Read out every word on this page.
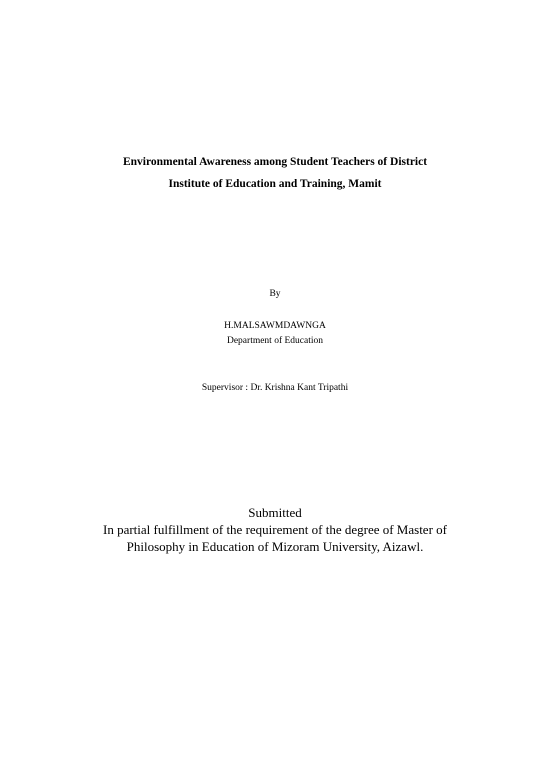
Environmental Awareness among Student Teachers of District
Institute of Education and Training, Mamit
By
H.MALSAWMDAWNGA
Department of Education
Supervisor : Dr. Krishna Kant Tripathi
Submitted
In partial fulfillment of the requirement of the degree of Master of
Philosophy in Education of Mizoram University, Aizawl.
